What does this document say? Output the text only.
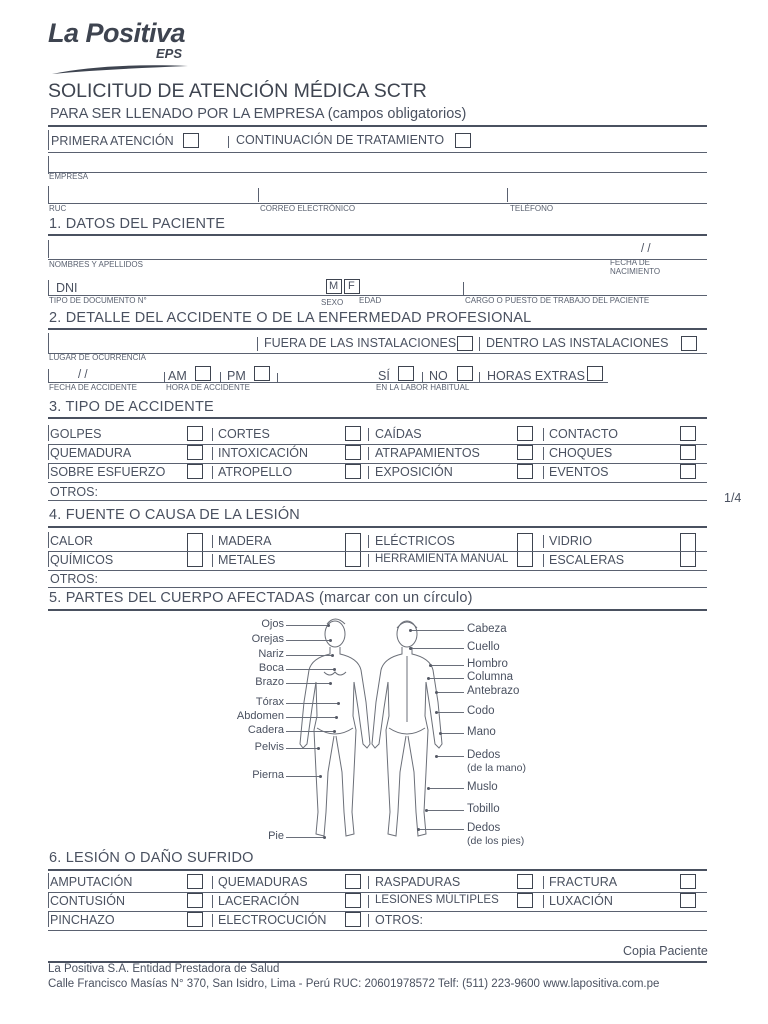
La Positiva
EPS
SOLICITUD DE ATENCIÓN MÉDICA SCTR
PARA SER LLENADO POR LA EMPRESA (campos obligatorios)
PRIMERA ATENCIÓN	CONTINUACIÓN DE TRATAMIENTO
EMPRESA
RUC	CORREO ELECTRÓNICO	TELÉFONO
1. DATOS DEL PACIENTE
/ /
NOMBRES Y APELLIDOS	FECHA DE
NACIMIENTO
DNI	M F
TIPO DE DOCUMENTO N°	SEXO EDAD	CARGO O PUESTO DE TRABAJO DEL PACIENTE
2. DETALLE DEL ACCIDENTE O DE LA ENFERMEDAD PROFESIONAL
FUERA DE LAS INSTALACIONES DENTRO LAS INSTALACIONES
LUGAR DE OCURRENCIA
/ /	AM	PM	SÍ	NO	HORAS EXTRAS
FECHA DE ACCIDENTE	HORA DE ACCIDENTE	EN LA LABOR HABITUAL
3. TIPO DE ACCIDENTE
GOLPES	CORTES	CAÍDAS	CONTACTO
QUEMADURA	INTOXICACIÓN	ATRAPAMIENTOS	CHOQUES
SOBRE ESFUERZO	ATROPELLO	EXPOSICIÓN	EVENTOS
OTROS:	1/4
4. FUENTE O CAUSA DE LA LESIÓN
CALOR	MADERA	ELÉCTRICOS	VIDRIO
QUÍMICOS	METALES	HERRAMIENTA MANUAL	ESCALERAS
OTROS:
5. PARTES DEL CUERPO AFECTADAS (marcar con un círculo)
Ojos
Orejas
Nariz
Boca
Brazo
Tórax
Abdomen
Cadera
Pelvis
Pierna
Pie
Cabeza
Cuello
Hombro
Columna
Antebrazo
Codo
Mano
Dedos
(de la mano)
Muslo
Tobillo
Dedos
(de los pies)
6. LESIÓN O DAÑO SUFRIDO
AMPUTACIÓN	QUEMADURAS	RASPADURAS	FRACTURA
CONTUSIÓN	LACERACIÓN	LESIONES MÚLTIPLES	LUXACIÓN
PINCHAZO	ELECTROCUCIÓN	OTROS:
Copia Paciente
La Positiva S.A. Entidad Prestadora de Salud
Calle Francisco Masías N° 370, San Isidro, Lima - Perú RUC: 20601978572 Telf: (511) 223-9600 www.lapositiva.com.pe
